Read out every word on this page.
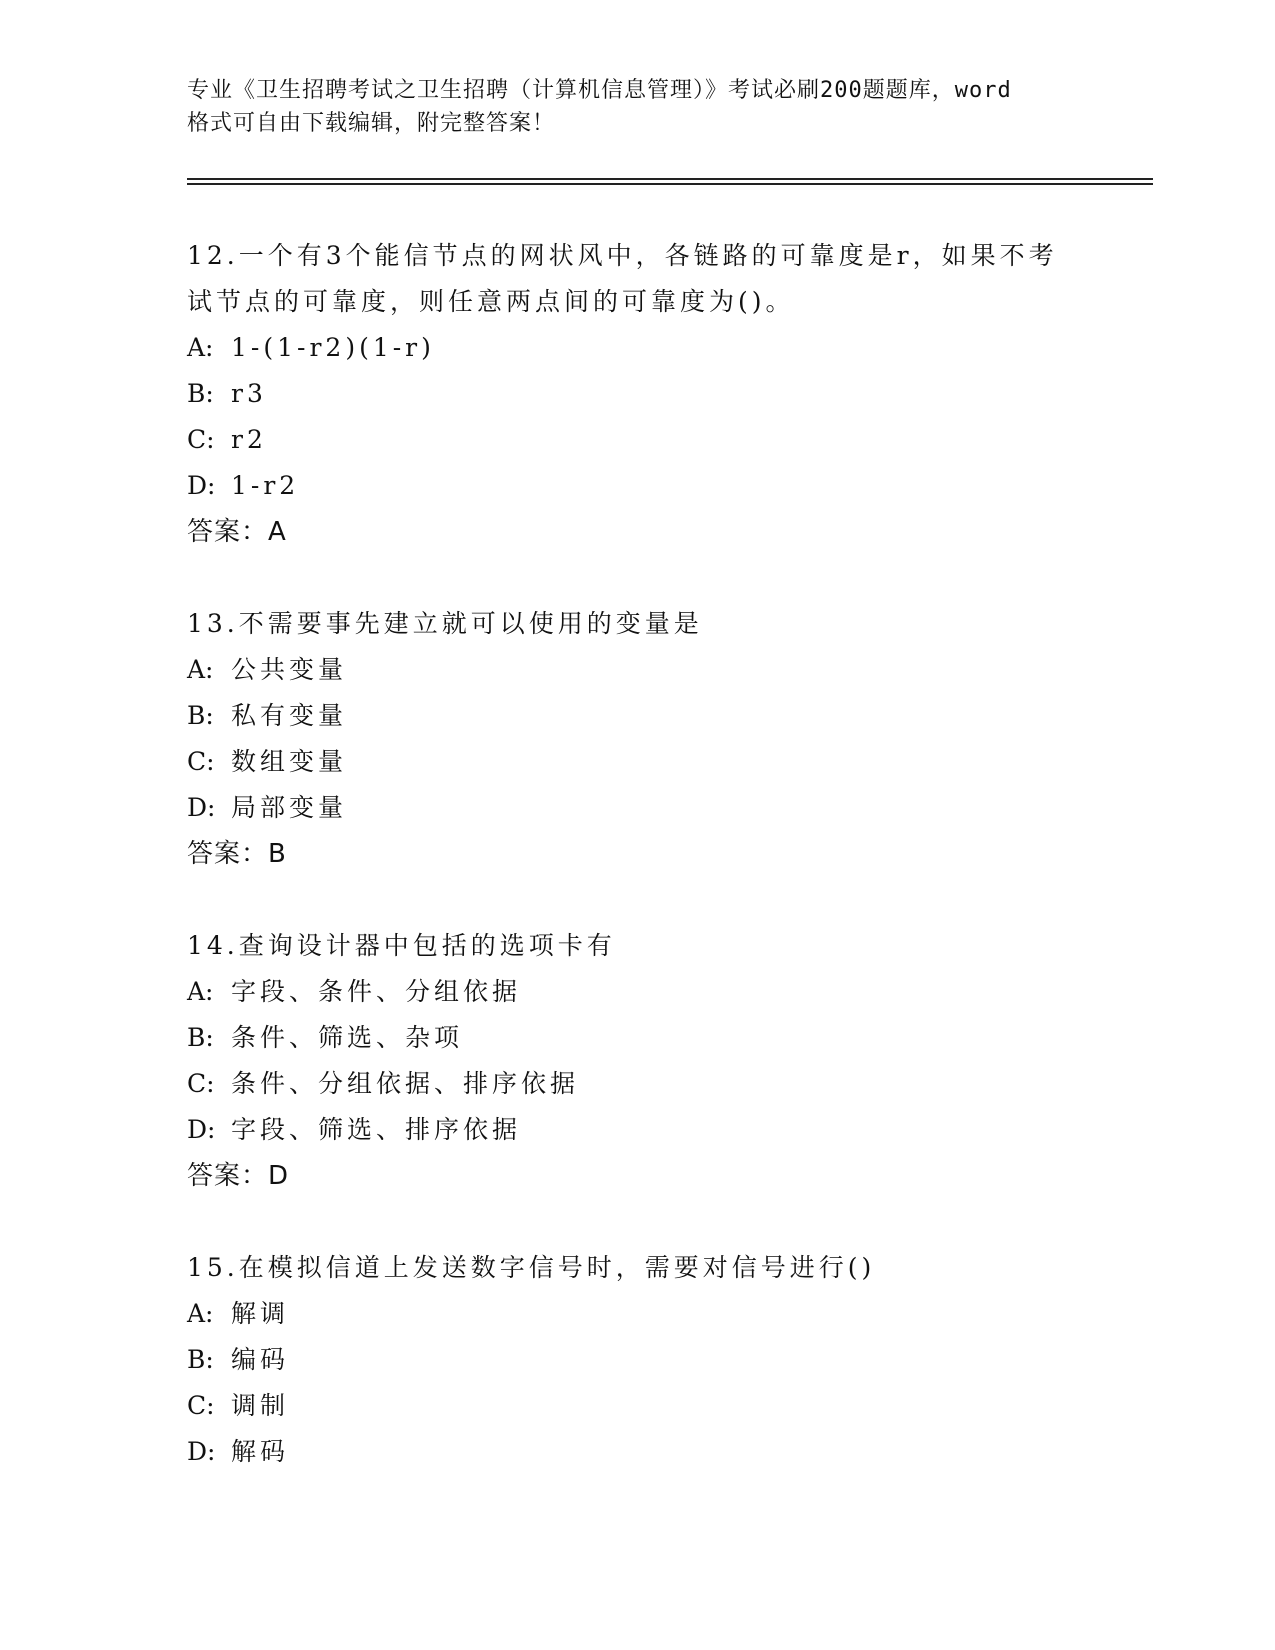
专业《卫生招聘考试之卫生招聘（计算机信息管理）》考试必刷200题题库，word
格式可自由下载编辑，附完整答案！
12.一个有3个能信节点的网状风中，各链路的可靠度是r，如果不考
试节点的可靠度，则任意两点间的可靠度为()。
A: 1-(1-r2)(1-r)
B: r3
C: r2
D: 1-r2
答案：A
13.不需要事先建立就可以使用的变量是
A: 公共变量
B: 私有变量
C: 数组变量
D: 局部变量
答案：B
14.查询设计器中包括的选项卡有
A: 字段、条件、分组依据
B: 条件、筛选、杂项
C: 条件、分组依据、排序依据
D: 字段、筛选、排序依据
答案：D
15.在模拟信道上发送数字信号时，需要对信号进行()
A: 解调
B: 编码
C: 调制
D: 解码
